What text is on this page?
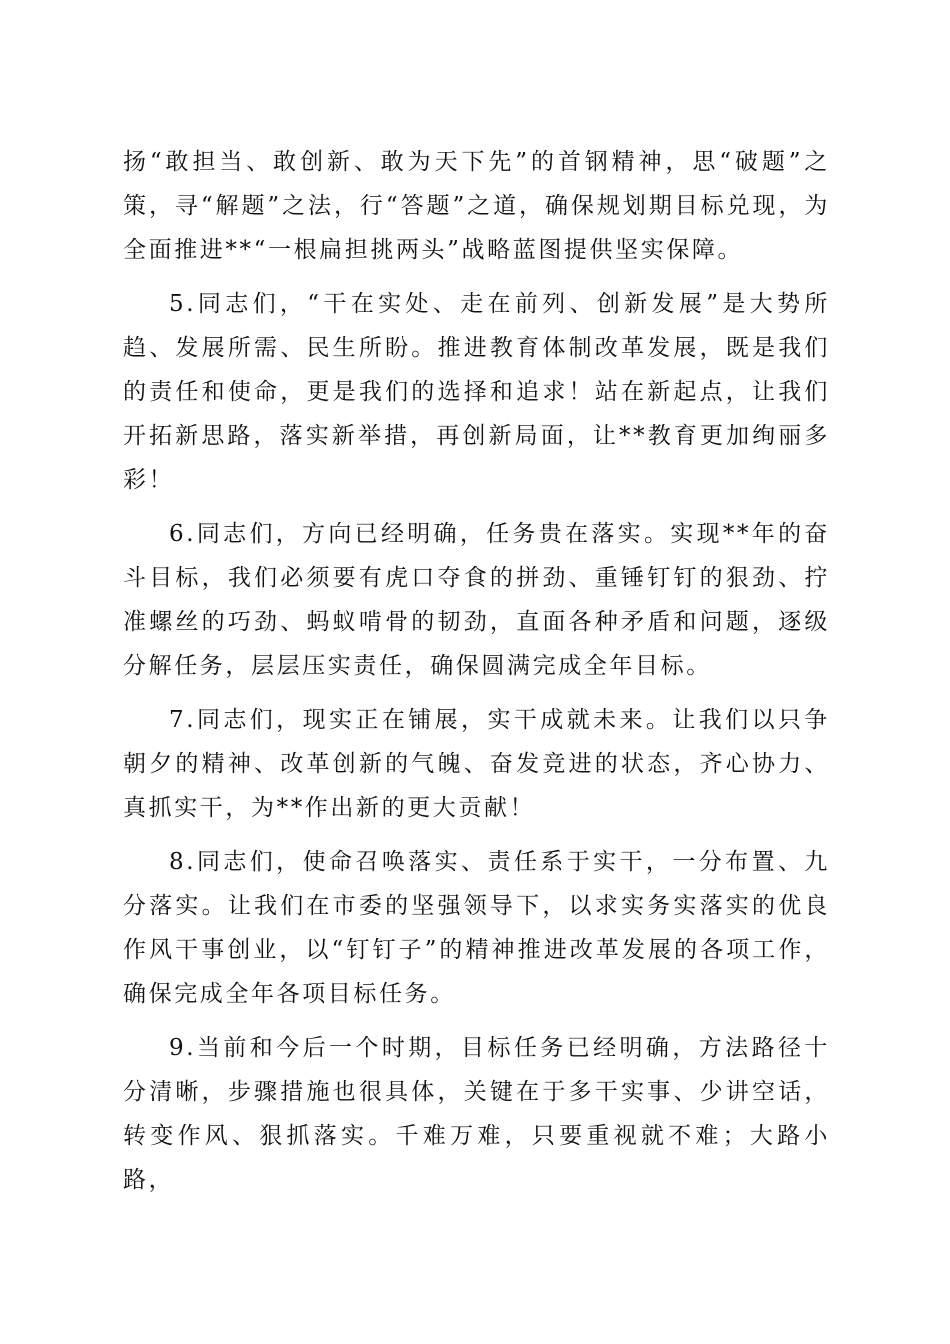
扬“敢担当、敢创新、敢为天下先”的首钢精神，思“破题”之策，寻“解题”之法，行“答题”之道，确保规划期目标兑现，为全面推进**“一根扁担挑两头”战略蓝图提供坚实保障。

5.同志们，“干在实处、走在前列、创新发展”是大势所趋、发展所需、民生所盼。推进教育体制改革发展，既是我们的责任和使命，更是我们的选择和追求！站在新起点，让我们开拓新思路，落实新举措，再创新局面，让**教育更加绚丽多彩！

6.同志们，方向已经明确，任务贵在落实。实现**年的奋斗目标，我们必须要有虎口夺食的拼劲、重锤钉钉的狠劲、拧准螺丝的巧劲、蚂蚁啃骨的韧劲，直面各种矛盾和问题，逐级分解任务，层层压实责任，确保圆满完成全年目标。

7.同志们，现实正在铺展，实干成就未来。让我们以只争朝夕的精神、改革创新的气魄、奋发竞进的状态，齐心协力、真抓实干，为**作出新的更大贡献！

8.同志们，使命召唤落实、责任系于实干，一分布置、九分落实。让我们在市委的坚强领导下，以求实务实落实的优良作风干事创业，以“钉钉子”的精神推进改革发展的各项工作，确保完成全年各项目标任务。

9.当前和今后一个时期，目标任务已经明确，方法路径十分清晰，步骤措施也很具体，关键在于多干实事、少讲空话，转变作风、狠抓落实。千难万难，只要重视就不难；大路小路，
